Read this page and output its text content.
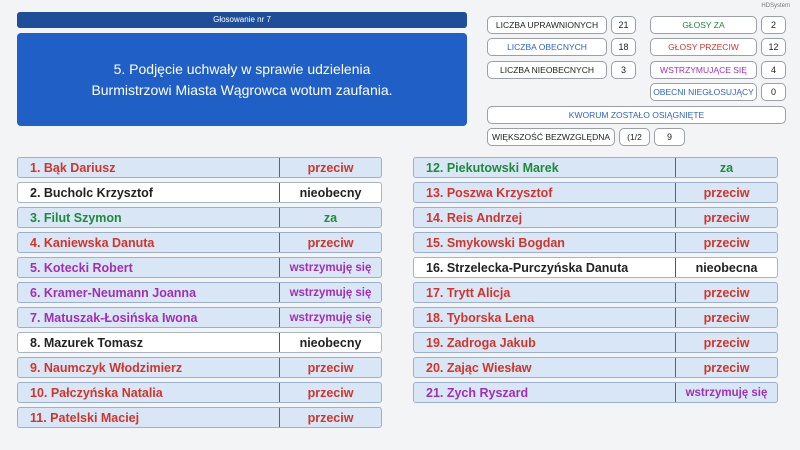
Głosowanie nr 7
HDSystem
5. Podjęcie uchwały w sprawie udzielenia Burmistrzowi Miasta Wągrowca wotum zaufania.
LICZBA UPRAWNIONYCH	21
LICZBA OBECNYCH	18
LICZBA NIEOBECNYCH	3
GŁOSY ZA	2
GŁOSY PRZECIW	12
WSTRZYMUJĄCE SIĘ	4
OBECNI NIEGŁOSUJĄCY	0
KWORUM ZOSTAŁO OSIĄGNIĘTE
WIĘKSZOŚĆ BEZWZGLĘDNA	(1/2	9
1. Bąk Dariusz	przeciw
2. Bucholc Krzysztof	nieobecny
3. Filut Szymon	za
4. Kaniewska Danuta	przeciw
5. Kotecki Robert	wstrzymuję się
6. Kramer-Neumann Joanna	wstrzymuję się
7. Matuszak-Łosińska Iwona	wstrzymuję się
8. Mazurek Tomasz	nieobecny
9. Naumczyk Włodzimierz	przeciw
10. Pałczyńska Natalia	przeciw
11. Patelski Maciej	przeciw
12. Piekutowski Marek	za
13. Poszwa Krzysztof	przeciw
14. Reis Andrzej	przeciw
15. Smykowski Bogdan	przeciw
16. Strzelecka-Purczyńska Danuta	nieobecna
17. Trytt Alicja	przeciw
18. Tyborska Lena	przeciw
19. Zadroga Jakub	przeciw
20. Zając Wiesław	przeciw
21. Zych Ryszard	wstrzymuję się
